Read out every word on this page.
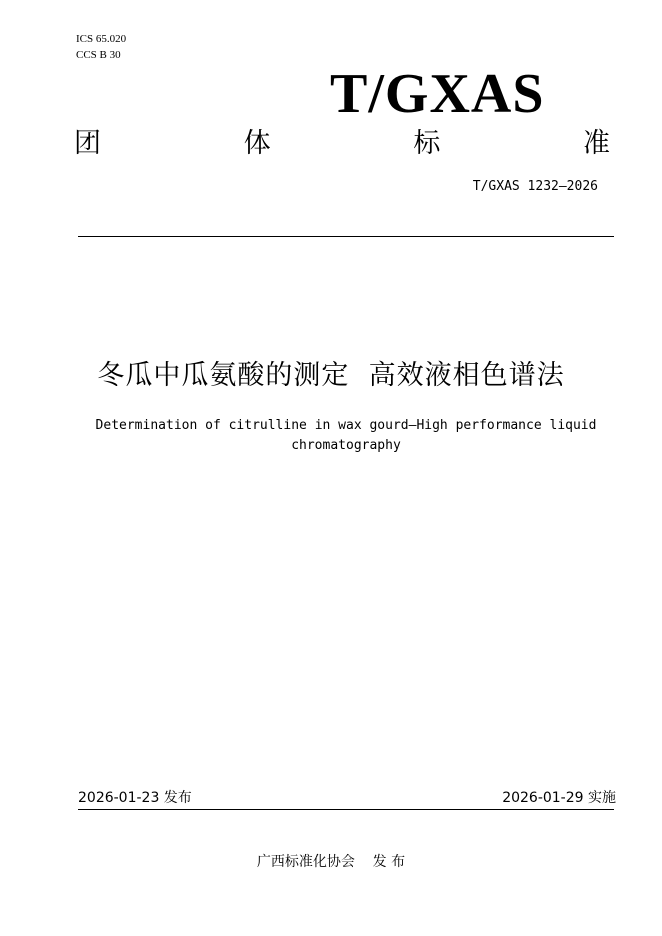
ICS 65.020
CCS B 30
T/GXAS
团	体	标	准
T/GXAS 1232—2026
冬瓜中瓜氨酸的测定  高效液相色谱法
Determination of citrulline in wax gourd—High performance liquid
chromatography
2026-01-23 发布	2026-01-29 实施
广西标准化协会    发 布
